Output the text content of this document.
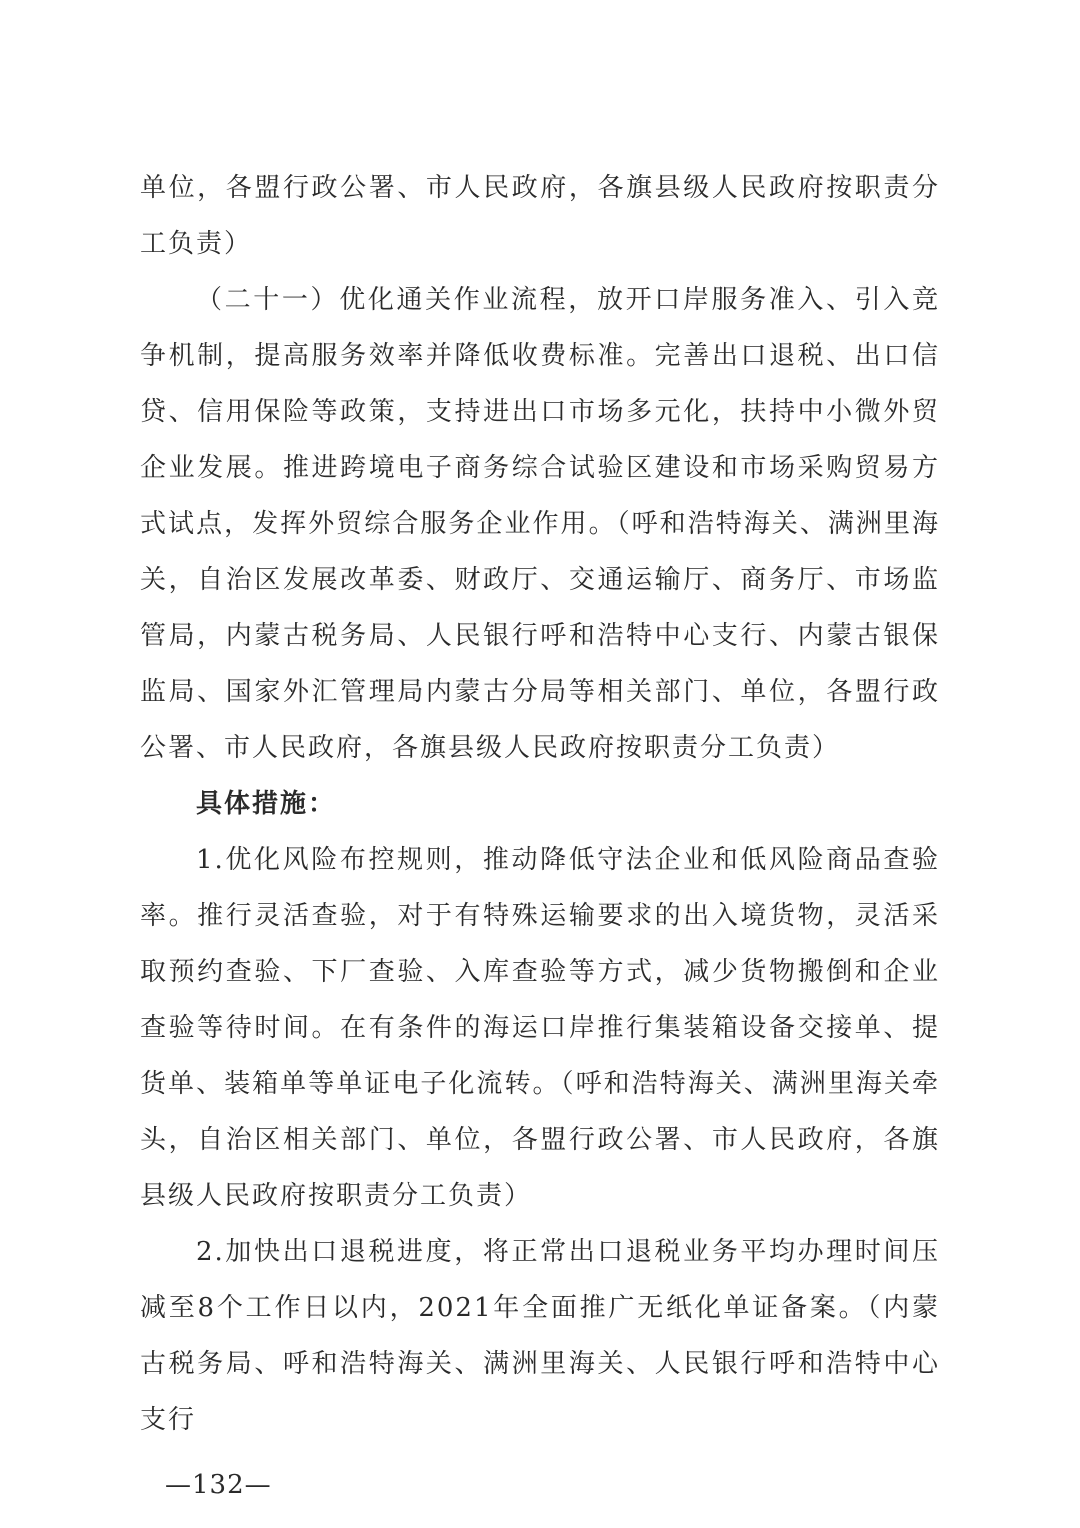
单位，各盟行政公署、市人民政府，各旗县级人民政府按职责分工负责）

（二十一）优化通关作业流程，放开口岸服务准入、引入竞争机制，提高服务效率并降低收费标准。完善出口退税、出口信贷、信用保险等政策，支持进出口市场多元化，扶持中小微外贸企业发展。推进跨境电子商务综合试验区建设和市场采购贸易方式试点，发挥外贸综合服务企业作用。（呼和浩特海关、满洲里海关，自治区发展改革委、财政厅、交通运输厅、商务厅、市场监管局，内蒙古税务局、人民银行呼和浩特中心支行、内蒙古银保监局、国家外汇管理局内蒙古分局等相关部门、单位，各盟行政公署、市人民政府，各旗县级人民政府按职责分工负责）

具体措施：

1.优化风险布控规则，推动降低守法企业和低风险商品查验率。推行灵活查验，对于有特殊运输要求的出入境货物，灵活采取预约查验、下厂查验、入库查验等方式，减少货物搬倒和企业查验等待时间。在有条件的海运口岸推行集装箱设备交接单、提货单、装箱单等单证电子化流转。（呼和浩特海关、满洲里海关牵头，自治区相关部门、单位，各盟行政公署、市人民政府，各旗县级人民政府按职责分工负责）

2.加快出口退税进度，将正常出口退税业务平均办理时间压减至8个工作日以内，2021年全面推广无纸化单证备案。（内蒙古税务局、呼和浩特海关、满洲里海关、人民银行呼和浩特中心支行

—132—
